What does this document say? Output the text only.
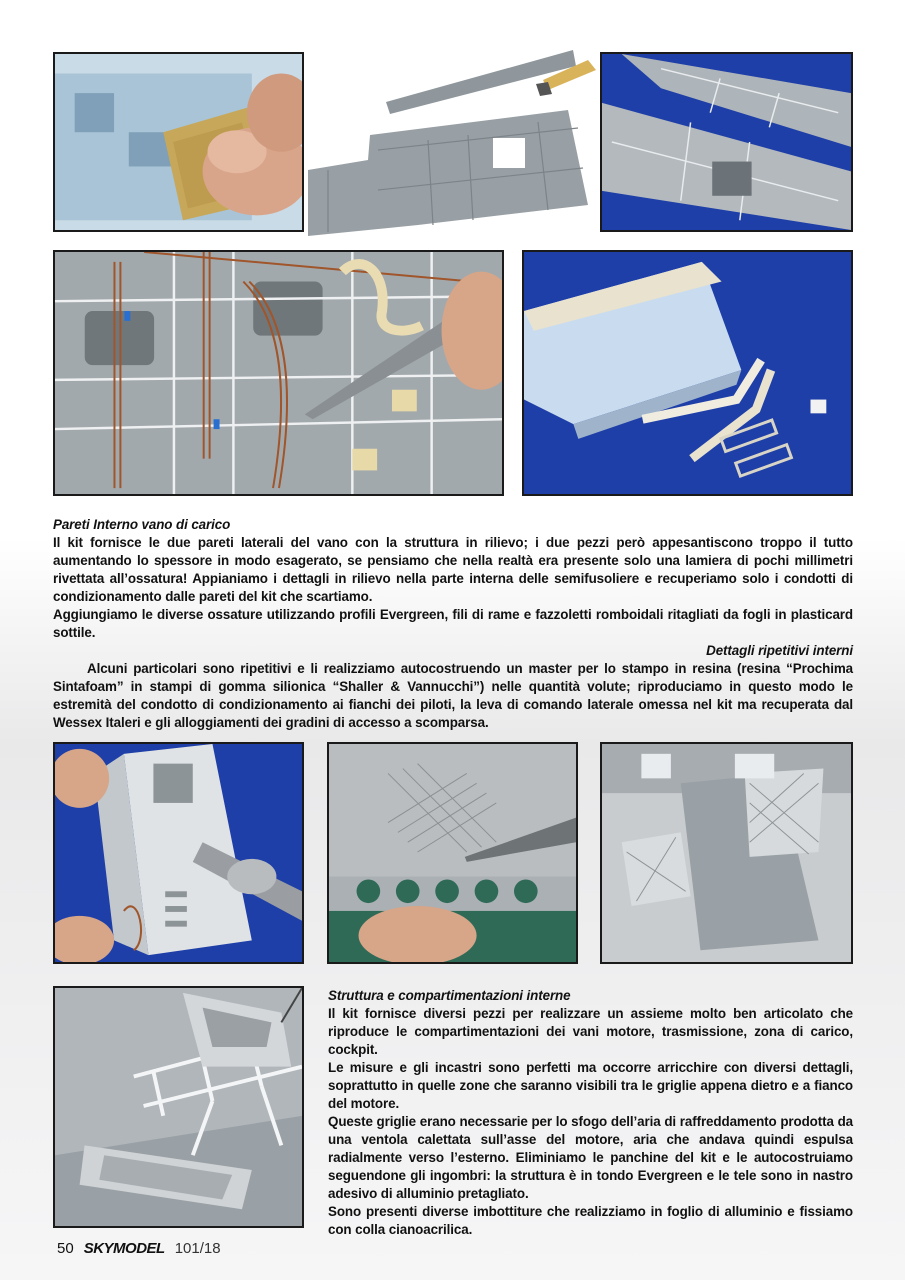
Pareti Interno vano di carico

Il kit fornisce le due pareti laterali del vano con la struttura in rilievo; i due pezzi però appesantiscono troppo il tutto aumentando lo spessore in modo esagerato, se pensiamo che nella realtà era presente solo una lamiera di pochi millimetri rivettata all’ossatura! Appianiamo i dettagli in rilievo nella parte interna delle semifusoliere e recuperiamo solo i condotti di condizionamento dalle pareti del kit che scartiamo.

Aggiungiamo le diverse ossature utilizzando profili Evergreen, fili di rame e fazzoletti romboidali ritagliati da fogli in plasticard sottile.

Dettagli ripetitivi interni

Alcuni particolari sono ripetitivi e li realizziamo autocostruendo un master per lo stampo in resina (resina “Prochima Sintafoam” in stampi di gomma silionica “Shaller & Vannucchi”) nelle quantità volute; riproduciamo in questo modo le estremità del condotto di condizionamento ai fianchi dei piloti, la leva di comando laterale omessa nel kit ma recuperata dal Wessex Italeri e gli alloggiamenti dei gradini di accesso a scomparsa.

Struttura e compartimentazioni interne

Il kit fornisce diversi pezzi per realizzare un assieme molto ben articolato che riproduce le compartimentazioni dei vani motore, trasmissione, zona di carico, cockpit.

Le misure e gli incastri sono perfetti ma occorre arricchire con diversi dettagli, soprattutto in quelle zone che saranno visibili tra le griglie appena dietro e a fianco del motore.

Queste griglie erano necessarie per lo sfogo dell’aria di raffreddamento prodotta da una ventola calettata sull’asse del motore, aria che andava quindi espulsa radialmente verso l’esterno. Eliminiamo le panchine del kit e le autocostruiamo seguendone gli ingombri: la struttura è in tondo Evergreen e le tele sono in nastro adesivo di alluminio pretagliato.

Sono presenti diverse imbottiture che realizziamo in foglio di alluminio e fissiamo con colla cianoacrilica.

50 SKYMODEL 101/18
